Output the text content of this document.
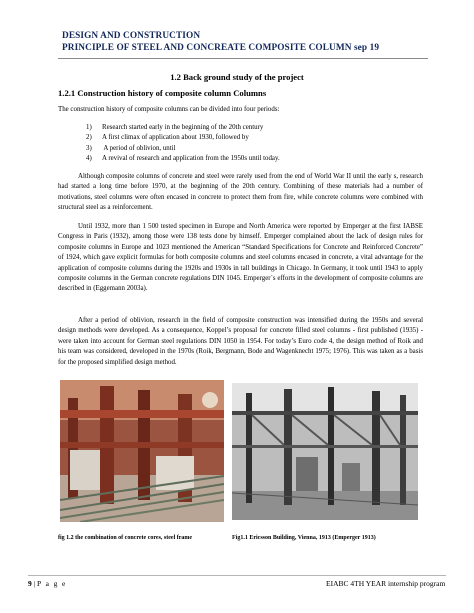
DESIGN AND CONSTRUCTION
PRINCIPLE OF STEEL AND CONCREATE COMPOSITE COLUMN sep 19
1.2 Back ground study of the project
1.2.1 Construction history of composite column Columns
The construction history of composite columns can be divided into four periods:
1) Research started early in the beginning of the 20th century
2) A first climax of application about 1930, followed by
3) A period of oblivion, until
4) A revival of research and application from the 1950s until today.
Although composite columns of concrete and steel were rarely used from the end of World War II until the early s, research had started a long time before 1970, at the beginning of the 20th century. Combining of these materials had a number of motivations, steel columns were often encased in concrete to protect them from fire, while concrete columns were combined with structural steel as a reinforcement.
Until 1932, more than 1 500 tested specimen in Europe and North America were reported by Emperger at the first IABSE Congress in Paris (1932), among those were 138 tests done by himself. Emperger complained about the lack of design rules for composite columns in Europe and 1023 mentioned the American “Standard Specifications for Concrete and Reinforced Concrete” of 1924, which gave explicit formulas for both composite columns and steel columns encased in concrete, a vital advantage for the application of composite columns during the 1920s and 1930s in tall buildings in Chicago. In Germany, it took until 1943 to apply composite columns in the German concrete regulations DIN 1045. Emperger´s efforts in the development of composite columns are described in (Eggemann 2003a).
After a period of oblivion, research in the field of composite construction was intensified during the 1950s and several design methods were developed. As a consequence, Koppel’s proposal for concrete filled steel columns - first published (1935) - were taken into account for German steel regulations DIN 1050 in 1954. For today’s Euro code 4, the design method of Roik and his team was considered, developed in the 1970s (Roik, Bergmann, Bode and Wagenknecht 1975; 1976). This was taken as a basis for the proposed simplified design method.
fig 1.2 the combination of concrete cores, steel frame	Fig1.1 Ericsson Building, Vienna, 1913 (Emperger 1913)
9 | P a g e	EIABC 4TH YEAR internship program
